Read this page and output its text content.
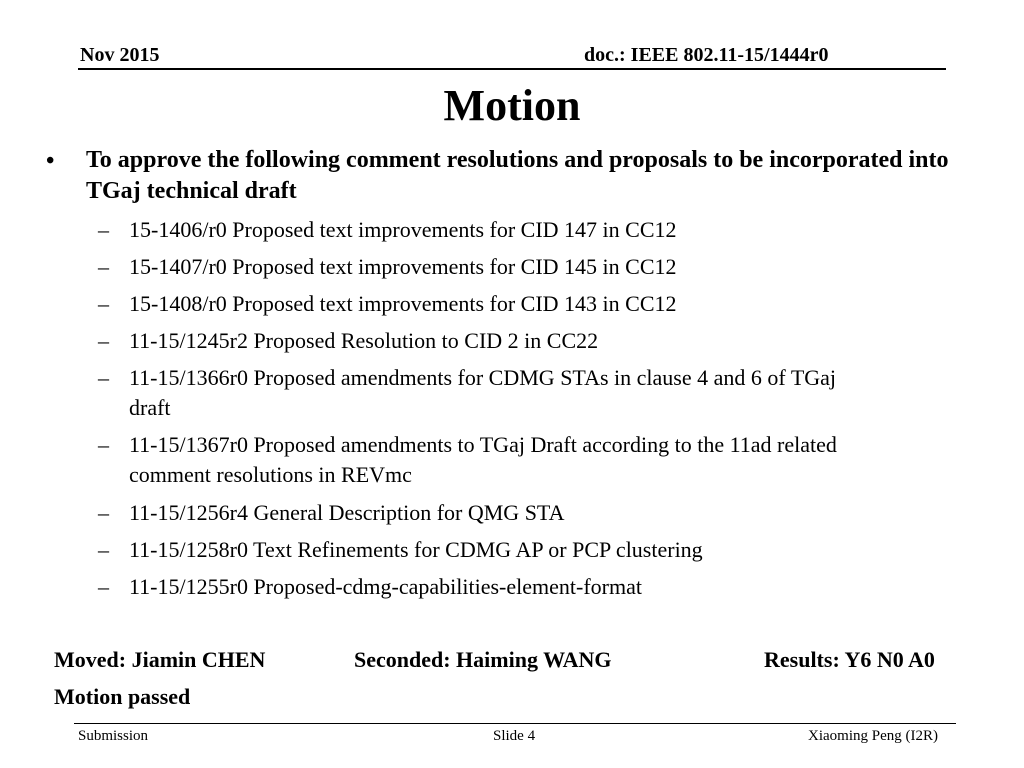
Nov 2015	doc.: IEEE 802.11-15/1444r0
Motion
• To approve the following comment resolutions and proposals to be incorporated into TGaj technical draft
– 15-1406/r0 Proposed text improvements for CID 147 in CC12
– 15-1407/r0 Proposed text improvements for CID 145 in CC12
– 15-1408/r0 Proposed text improvements for CID 143 in CC12
– 11-15/1245r2 Proposed Resolution to CID 2 in CC22
– 11-15/1366r0 Proposed amendments for CDMG STAs in clause 4 and 6 of TGaj
draft
– 11-15/1367r0 Proposed amendments to TGaj Draft according to the 11ad related
comment resolutions in REVmc
– 11-15/1256r4 General Description for QMG STA
– 11-15/1258r0 Text Refinements for CDMG AP or PCP clustering
– 11-15/1255r0 Proposed-cdmg-capabilities-element-format
Moved: Jiamin CHEN	Seconded: Haiming WANG	Results: Y6 N0 A0
Motion passed
Submission	Slide 4	Xiaoming Peng (I2R)
